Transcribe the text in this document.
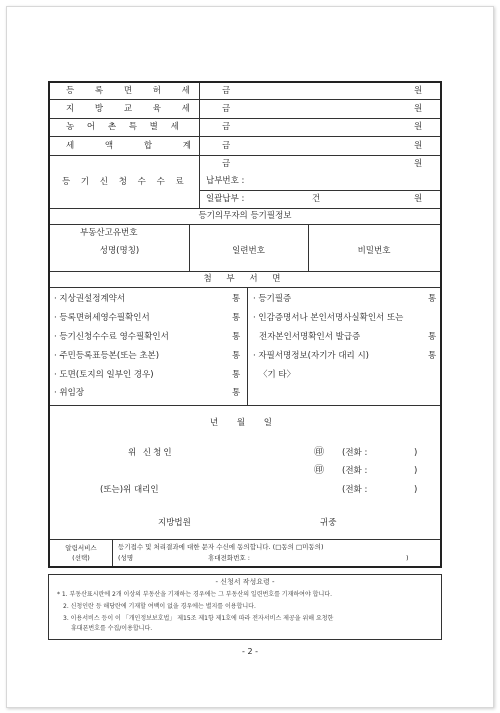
등 록 면 허 세	금	원
지 방 교 육 세	금	원
농 어 촌 특 별 세	금	원
세 액 합 계 금	원
금	원
등 기 신 청 수 수 료 납부번호 :
일괄납부 :	건	원
등기의무자의 등기필정보
부동산고유번호
성명(명칭)	일련번호	비밀번호
첨 부 서 면
· 지상권설정계약서	통
· 등록면허세영수필확인서	통
· 등기신청수수료 영수필확인서	통
· 주민등록표등본(또는 초본)	통
· 도면(토지의 일부인 경우)	통
· 위임장	통
· 등기필증	통
· 인감증명서나 본인서명사실확인서 또는
전자본인서명확인서 발급증	통
· 자필서명정보(자기가 대리 시)	통
〈기 타〉
년 월 일
위 신청인	㊞ (전화 :	)
㊞ (전화 :	)
(또는)위 대리인	(전화 :	)
지방법원	귀중
알림서비스
(선택)
등기접수 및 처리결과에 대한 문자 수신에 동의합니다. (□동의 □미동의)
(성명	휴대전화번호 :	)
- 신청서 작성요령 -
* 1. 부동산표시란에 2개 이상의 부동산을 기재하는 경우에는 그 부동산의 일련번호를 기재하여야 합니다.
2. 신청인란 등 해당란에 기재할 여백이 없을 경우에는 별지를 이용합니다.
3. 이용서비스 등이 이 「개인정보보호법」 제15조 제1항 제1호에 따라 전자서비스 제공을 위해 요청한
휴대폰번호를 수집/이용합니다.
- 2 -
